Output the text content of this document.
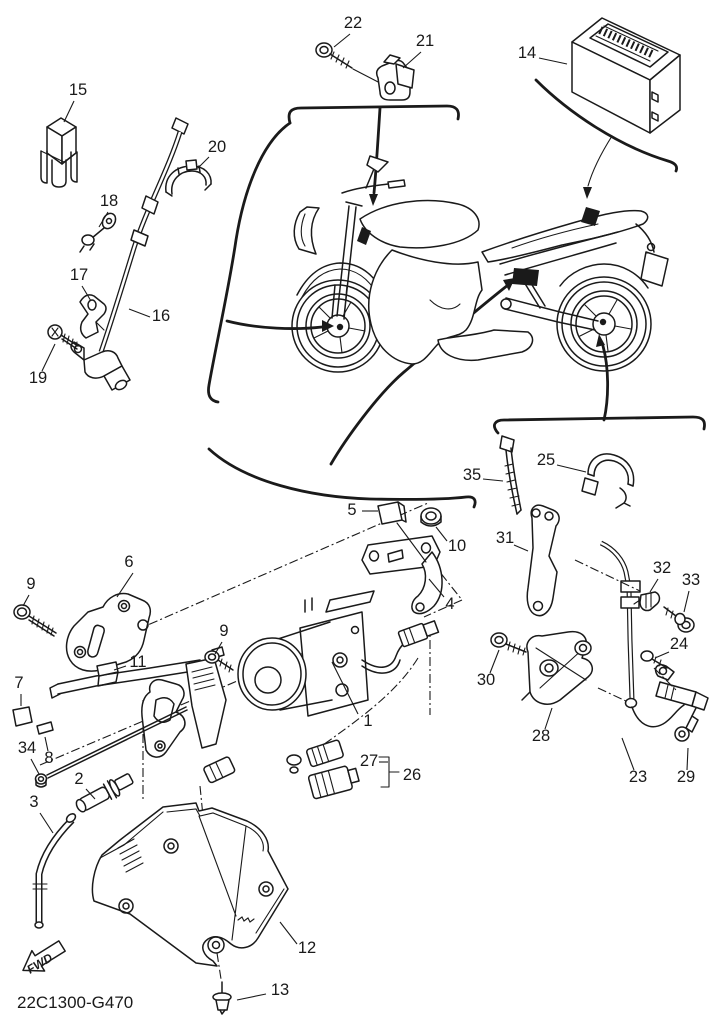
FWD
22C1300-G470
1
2
3
4
5
6
7
8
9
9
10
11
12
13
14
15
16
17
18
19
20
21
22
23
24
25
26
27
28
29
30
31
32
33
34
35
